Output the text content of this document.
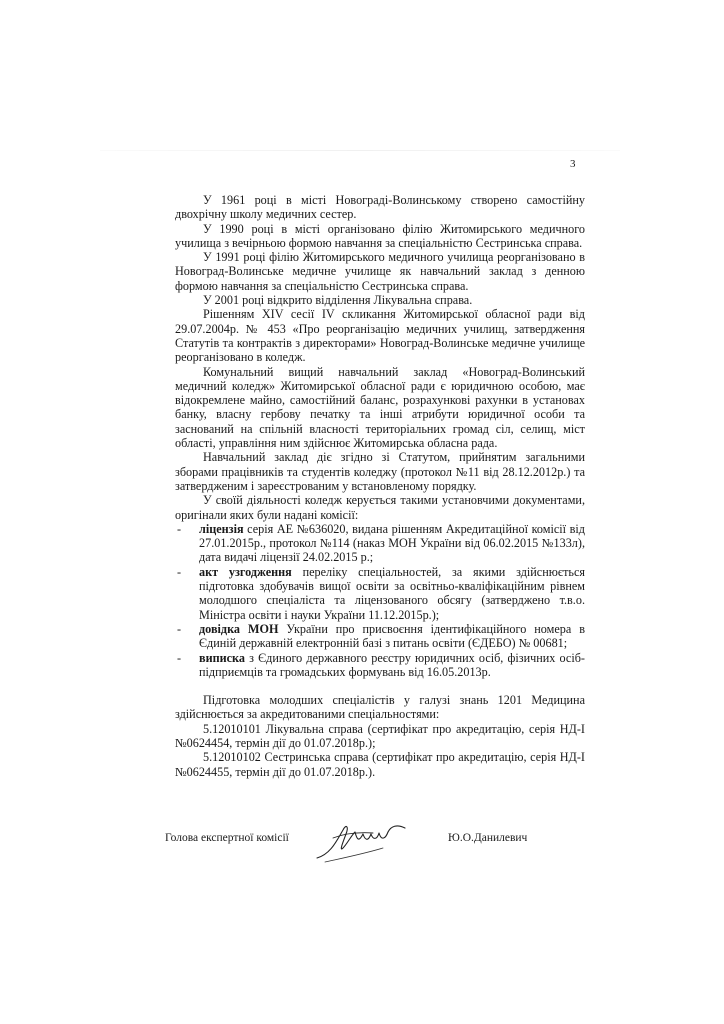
3

У 1961 році в місті Новограді-Волинському створено самостійну двохрічну школу медичних сестер.

У 1990 році в місті організовано філію Житомирського медичного училища з вечірньою формою навчання за спеціальністю Сестринська справа.

У 1991 році філію Житомирського медичного училища реорганізовано в Новоград-Волинське медичне училище як навчальний заклад з денною формою навчання за спеціальністю Сестринська справа.

У 2001 році відкрито відділення Лікувальна справа.

Рішенням XIV сесії IV скликання Житомирської обласної ради від 29.07.2004р. № 453 «Про реорганізацію медичних училищ, затвердження Статутів та контрактів з директорами» Новоград-Волинське медичне училище реорганізовано в коледж.

Комунальний вищий навчальний заклад «Новоград-Волинський медичний коледж» Житомирської обласної ради є юридичною особою, має відокремлене майно, самостійний баланс, розрахункові рахунки в установах банку, власну гербову печатку та інші атрибути юридичної особи та заснований на спільній власності територіальних громад сіл, селищ, міст області, управління ним здійснює Житомирська обласна рада.

Навчальний заклад діє згідно зі Статутом, прийнятим загальними зборами працівників та студентів коледжу (протокол №11 від 28.12.2012р.) та затвердженим і зареєстрованим у встановленому порядку.

У своїй діяльності коледж керується такими установчими документами, оригінали яких були надані комісії:

- ліцензія серія АЕ №636020, видана рішенням Акредитаційної комісії від 27.01.2015р., протокол №114 (наказ МОН України від 06.02.2015 №133л), дата видачі ліцензії 24.02.2015 р.;
- акт узгодження переліку спеціальностей, за якими здійснюється підготовка здобувачів вищої освіти за освітньо-кваліфікаційним рівнем молодшого спеціаліста та ліцензованого обсягу (затверджено т.в.о. Міністра освіти і науки України 11.12.2015р.);
- довідка МОН України про присвоєння ідентифікаційного номера в Єдиній державній електронній базі з питань освіти (ЄДЕБО) № 00681;
- виписка з Єдиного державного реєстру юридичних осіб, фізичних осіб-підприємців та громадських формувань від 16.05.2013р.

Підготовка молодших спеціалістів у галузі знань 1201 Медицина здійснюється за акредитованими спеціальностями:

5.12010101 Лікувальна справа (сертифікат про акредитацію, серія НД-І №0624454, термін дії до 01.07.2018р.);

5.12010102 Сестринська справа (сертифікат про акредитацію, серія НД-І №0624455, термін дії до 01.07.2018р.).

Голова експертної комісії	Ю.О.Данилевич
